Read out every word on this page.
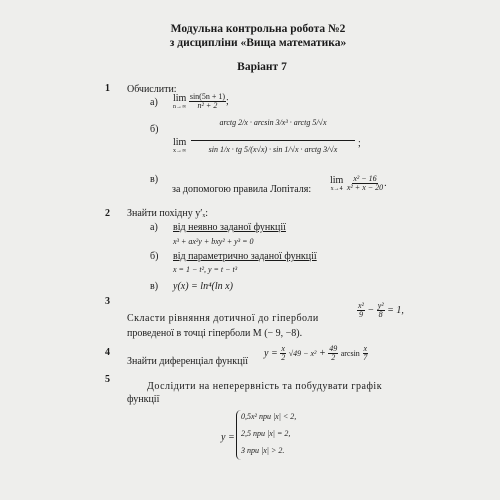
Модульна контрольна робота №2
з дисципліни «Вища математика»
Варіант 7
1 Обчислити:
а) lim
n→∞
$\frac{\sin(5n + 1)}{\text{n² + 2}}$ ;
б)
lim
x→∞
arctg 2/x · arcsin 3/x³ · arctg 5/√x
sin 1/x · tg 5/(x√x) · sin 1/√x · arctg 3/√x
;
в)
за допомогою правила Лопіталя:
lim
x→4
$\frac{\text{x² − 16}}{\text{x² + x − 20}}$ .
2 Знайти похідну y′ₓ:
а) від неявно заданої функції
x³ + ax²y + bxy² + y³ = 0
б) від параметрично заданої функції
x = 1 − t², y = t − t³
в) y(x) = ln⁴(ln x)
3
Скласти рівняння дотичної до гіперболи	$\frac{\text{x²}}{9} - \frac{\text{y²}}{8} = 1$,
проведеної в точці гіперболи M (− 9, −8).
4
Знайти диференціал функції
$y = \frac{x}{2} √49 - x^2 + \frac{49}{2}$ $\arcsin \frac{x}{7}$
5
Дослідити на неперервність та побудувати графік
функції
y =
0,5x² при |x| < 2,
2,5 при |x| = 2,
3 при |x| > 2.
